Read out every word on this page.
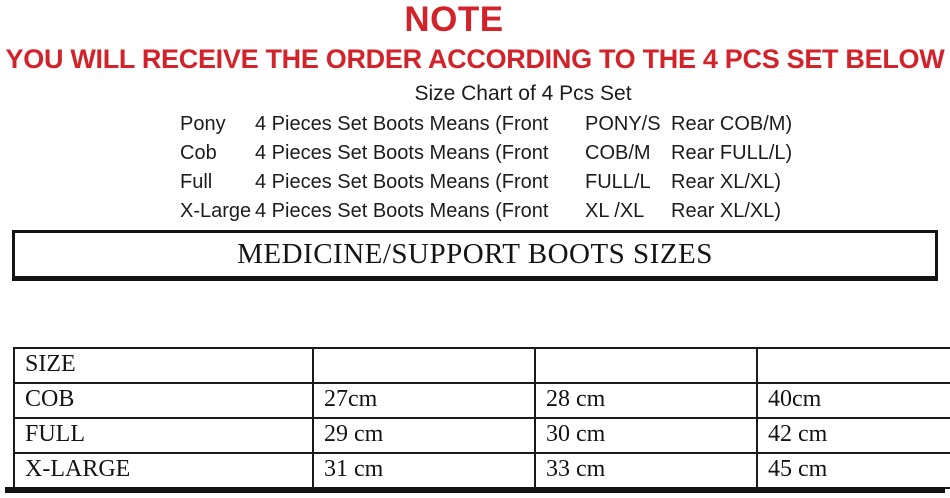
NOTE
YOU WILL RECEIVE THE ORDER ACCORDING TO THE 4 PCS SET BELOW
Size Chart of 4 Pcs Set
Pony	4 Pieces Set Boots Means (Front	PONY/S Rear COB/M)
Cob	4 Pieces Set Boots Means (Front	COB/M	Rear FULL/L)
Full	4 Pieces Set Boots Means (Front	FULL/L	Rear XL/XL)
X-Large 4 Pieces Set Boots Means (Front	XL /XL	Rear XL/XL)
MEDICINE/SUPPORT BOOTS SIZES
SIZE			
COB	27cm	28 cm	40cm
FULL	29 cm	30 cm	42 cm
X-LARGE	31 cm	33 cm	45 cm
